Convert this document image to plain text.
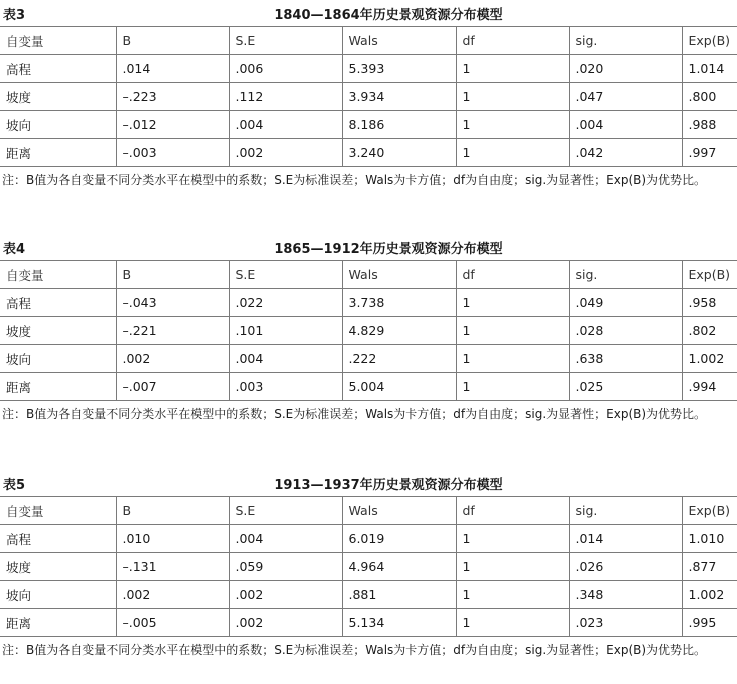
表3	1840—1864年历史景观资源分布模型
自变量	B	S.E	Wals	df	sig.	Exp(B)
高程	.014	.006	5.393	1	.020	1.014
坡度	–.223	.112	3.934	1	.047	.800
坡向	–.012	.004	8.186	1	.004	.988
距离	–.003	.002	3.240	1	.042	.997
注：B值为各自变量不同分类水平在模型中的系数；S.E为标准误差；Wals为卡方值；df为自由度；sig.为显著性；Exp(B)为优势比。
表4	1865—1912年历史景观资源分布模型
自变量	B	S.E	Wals	df	sig.	Exp(B)
高程	–.043	.022	3.738	1	.049	.958
坡度	–.221	.101	4.829	1	.028	.802
坡向	.002	.004	.222	1	.638	1.002
距离	–.007	.003	5.004	1	.025	.994
注：B值为各自变量不同分类水平在模型中的系数；S.E为标准误差；Wals为卡方值；df为自由度；sig.为显著性；Exp(B)为优势比。
表5	1913—1937年历史景观资源分布模型
自变量	B	S.E	Wals	df	sig.	Exp(B)
高程	.010	.004	6.019	1	.014	1.010
坡度	–.131	.059	4.964	1	.026	.877
坡向	.002	.002	.881	1	.348	1.002
距离	–.005	.002	5.134	1	.023	.995
注：B值为各自变量不同分类水平在模型中的系数；S.E为标准误差；Wals为卡方值；df为自由度；sig.为显著性；Exp(B)为优势比。
